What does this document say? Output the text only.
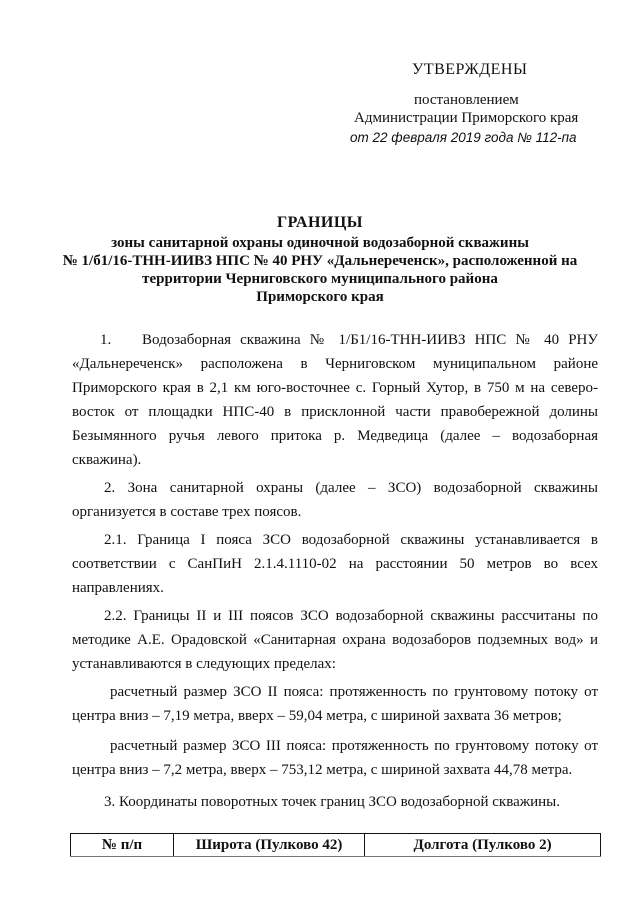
УТВЕРЖДЕНЫ
постановлением
Администрации Приморского края
от 22 февраля 2019 года № 112-па
ГРАНИЦЫ
зоны санитарной охраны одиночной водозаборной скважины
№ 1/б1/16-ТНН-ИИВЗ НПС № 40 РНУ «Дальнереченск», расположенной на
территории Черниговского муниципального района
Приморского края

1. Водозаборная скважина № 1/Б1/16-ТНН-ИИВЗ НПС № 40 РНУ «Дальнереченск» расположена в Черниговском муниципальном районе Приморского края в 2,1 км юго-восточнее с. Горный Хутор, в 750 м на северо-восток от площадки НПС-40 в присклонной части правобережной долины Безымянного ручья левого притока р. Медведица (далее – водозаборная скважина).

2. Зона санитарной охраны (далее – ЗСО) водозаборной скважины организуется в составе трех поясов.

2.1. Граница I пояса ЗСО водозаборной скважины устанавливается в соответствии с СанПиН 2.1.4.1110-02 на расстоянии 50 метров во всех направлениях.

2.2. Границы II и III поясов ЗСО водозаборной скважины рассчитаны по методике А.Е. Орадовской «Санитарная охрана водозаборов подземных вод» и устанавливаются в следующих пределах:

расчетный размер ЗСО II пояса: протяженность по грунтовому потоку от центра вниз – 7,19 метра, вверх – 59,04 метра, с шириной захвата 36 метров;

расчетный размер ЗСО III пояса: протяженность по грунтовому потоку от центра вниз – 7,2 метра, вверх – 753,12 метра, с шириной захвата 44,78 метра.

3. Координаты поворотных точек границ ЗСО водозаборной скважины.

№ п/п	Широта (Пулково 42)	Долгота (Пулково 2)
